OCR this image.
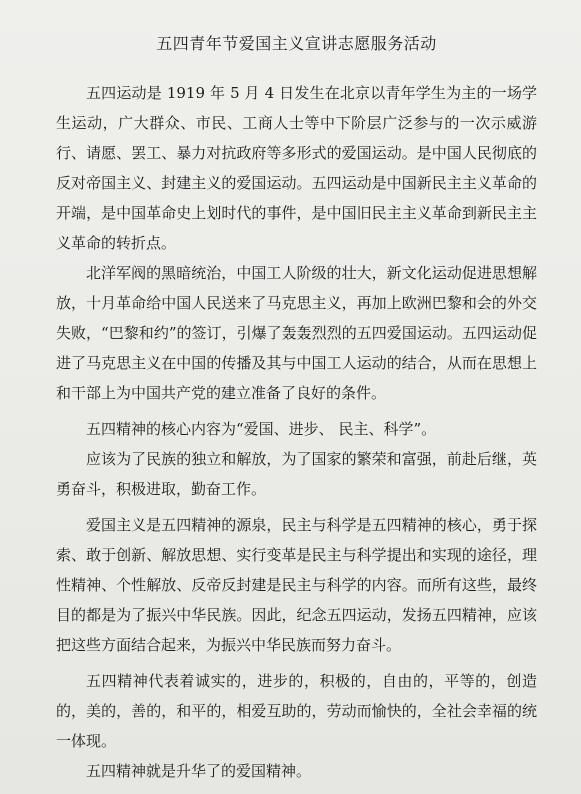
五四青年节爱国主义宣讲志愿服务活动

五四运动是 1919 年 5 月 4 日发生在北京以青年学生为主的一场学生运动，广大群众、市民、工商人士等中下阶层广泛参与的一次示威游行、请愿、罢工、暴力对抗政府等多形式的爱国运动。是中国人民彻底的反对帝国主义、封建主义的爱国运动。五四运动是中国新民主主义革命的开端，是中国革命史上划时代的事件，是中国旧民主主义革命到新民主主义革命的转折点。

北洋军阀的黑暗统治，中国工人阶级的壮大，新文化运动促进思想解放，十月革命给中国人民送来了马克思主义，再加上欧洲巴黎和会的外交失败，“巴黎和约”的签订，引爆了轰轰烈烈的五四爱国运动。五四运动促进了马克思主义在中国的传播及其与中国工人运动的结合，从而在思想上和干部上为中国共产党的建立准备了良好的条件。

五四精神的核心内容为“爱国、进步、 民主、科学”。

应该为了民族的独立和解放，为了国家的繁荣和富强，前赴后继，英勇奋斗，积极进取，勤奋工作。

爱国主义是五四精神的源泉，民主与科学是五四精神的核心，勇于探索、敢于创新、解放思想、实行变革是民主与科学提出和实现的途径，理性精神、个性解放、反帝反封建是民主与科学的内容。而所有这些，最终目的都是为了振兴中华民族。因此，纪念五四运动，发扬五四精神，应该把这些方面结合起来，为振兴中华民族而努力奋斗。

五四精神代表着诚实的，进步的，积极的，自由的，平等的，创造的，美的，善的，和平的，相爱互助的，劳动而愉快的，全社会幸福的统一体现。

五四精神就是升华了的爱国精神。
